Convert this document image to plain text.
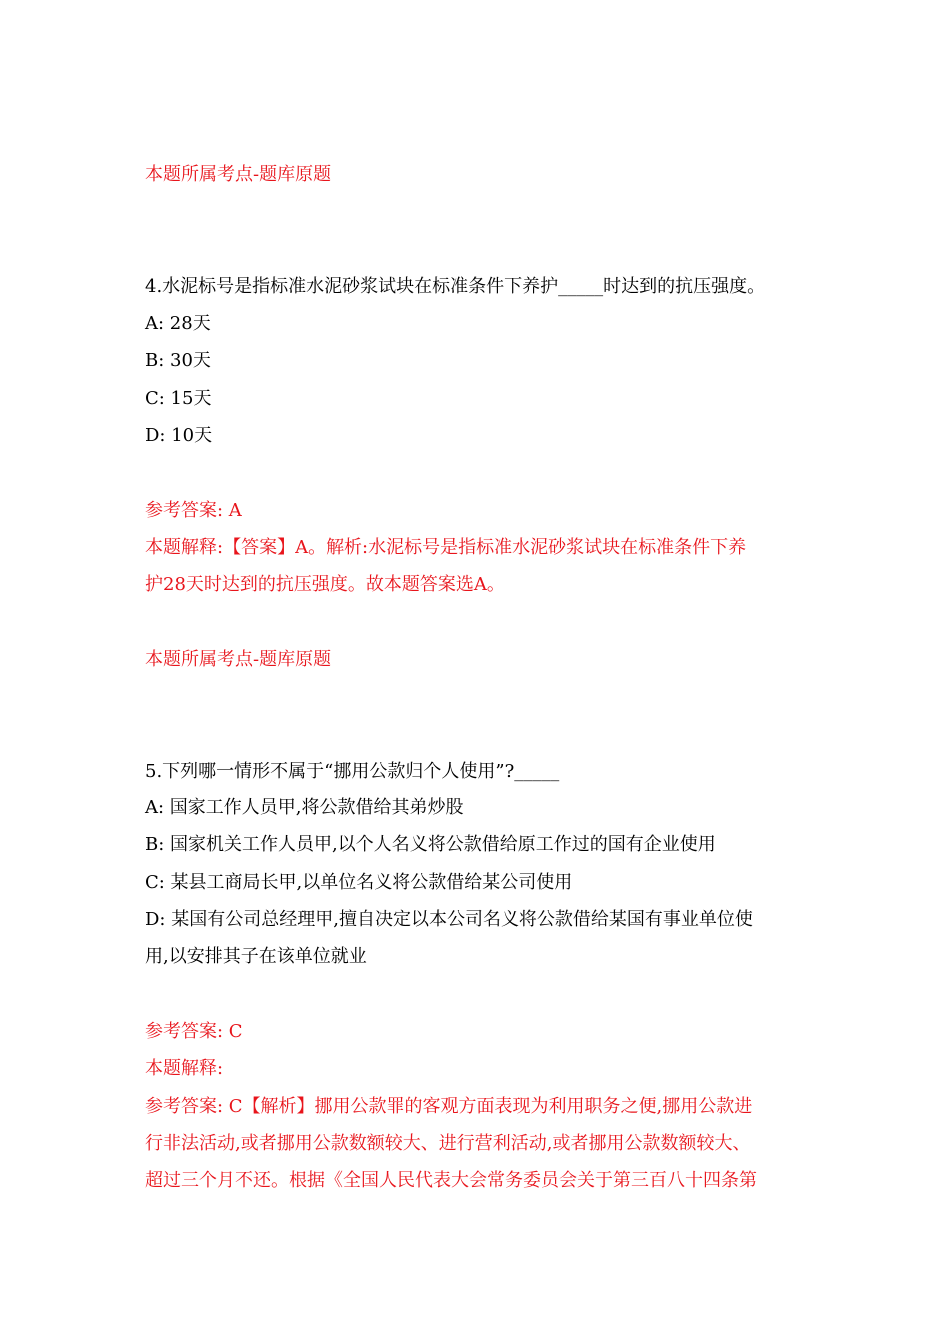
本题所属考点-题库原题
4.水泥标号是指标准水泥砂浆试块在标准条件下养护_____时达到的抗压强度。
A: 28天
B: 30天
C: 15天
D: 10天
参考答案: A
本题解释:【答案】A。解析:水泥标号是指标准水泥砂浆试块在标准条件下养
护28天时达到的抗压强度。故本题答案选A。
本题所属考点-题库原题
5.下列哪一情形不属于“挪用公款归个人使用”?_____
A: 国家工作人员甲,将公款借给其弟炒股
B: 国家机关工作人员甲,以个人名义将公款借给原工作过的国有企业使用
C: 某县工商局长甲,以单位名义将公款借给某公司使用
D: 某国有公司总经理甲,擅自决定以本公司名义将公款借给某国有事业单位使
用,以安排其子在该单位就业
参考答案: C
本题解释:
参考答案: C【解析】挪用公款罪的客观方面表现为利用职务之便,挪用公款进
行非法活动,或者挪用公款数额较大、进行营利活动,或者挪用公款数额较大、
超过三个月不还。根据《全国人民代表大会常务委员会关于第三百八十四条第
